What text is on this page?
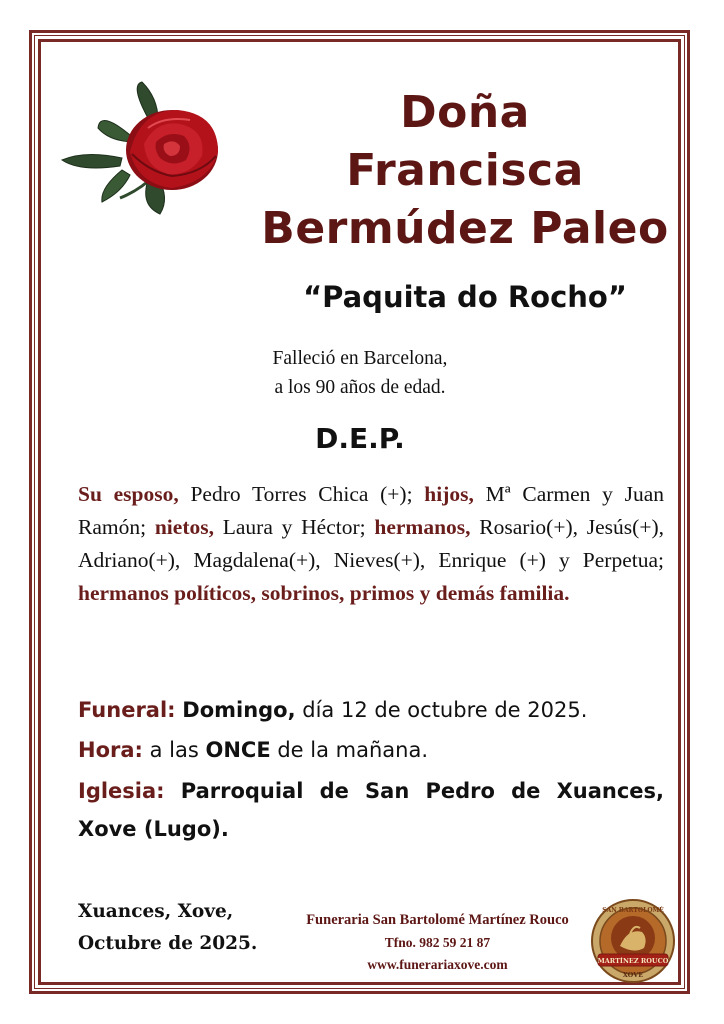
Doña
Francisca
Bermúdez Paleo
“Paquita do Rocho”
Falleció en Barcelona,
a los 90 años de edad.
D.E.P.
Su esposo, Pedro Torres Chica (+); hijos, Mª Carmen y Juan Ramón; nietos, Laura y Héctor; hermanos, Rosario(+), Jesús(+), Adriano(+), Magdalena(+), Nieves(+), Enrique (+) y Perpetua; hermanos políticos, sobrinos, primos y demás familia.
Funeral: Domingo, día 12 de octubre de 2025.
Hora: a las ONCE de la mañana.
Iglesia: Parroquial de San Pedro de Xuances, Xove (Lugo).
Xuances, Xove,
Octubre de 2025.
Funeraria San Bartolomé Martínez Rouco
Tfno. 982 59 21 87
www.funerariaxove.com	MARTÍNEZ ROUCO
SAN BARTOLOMÉ
XOVE
